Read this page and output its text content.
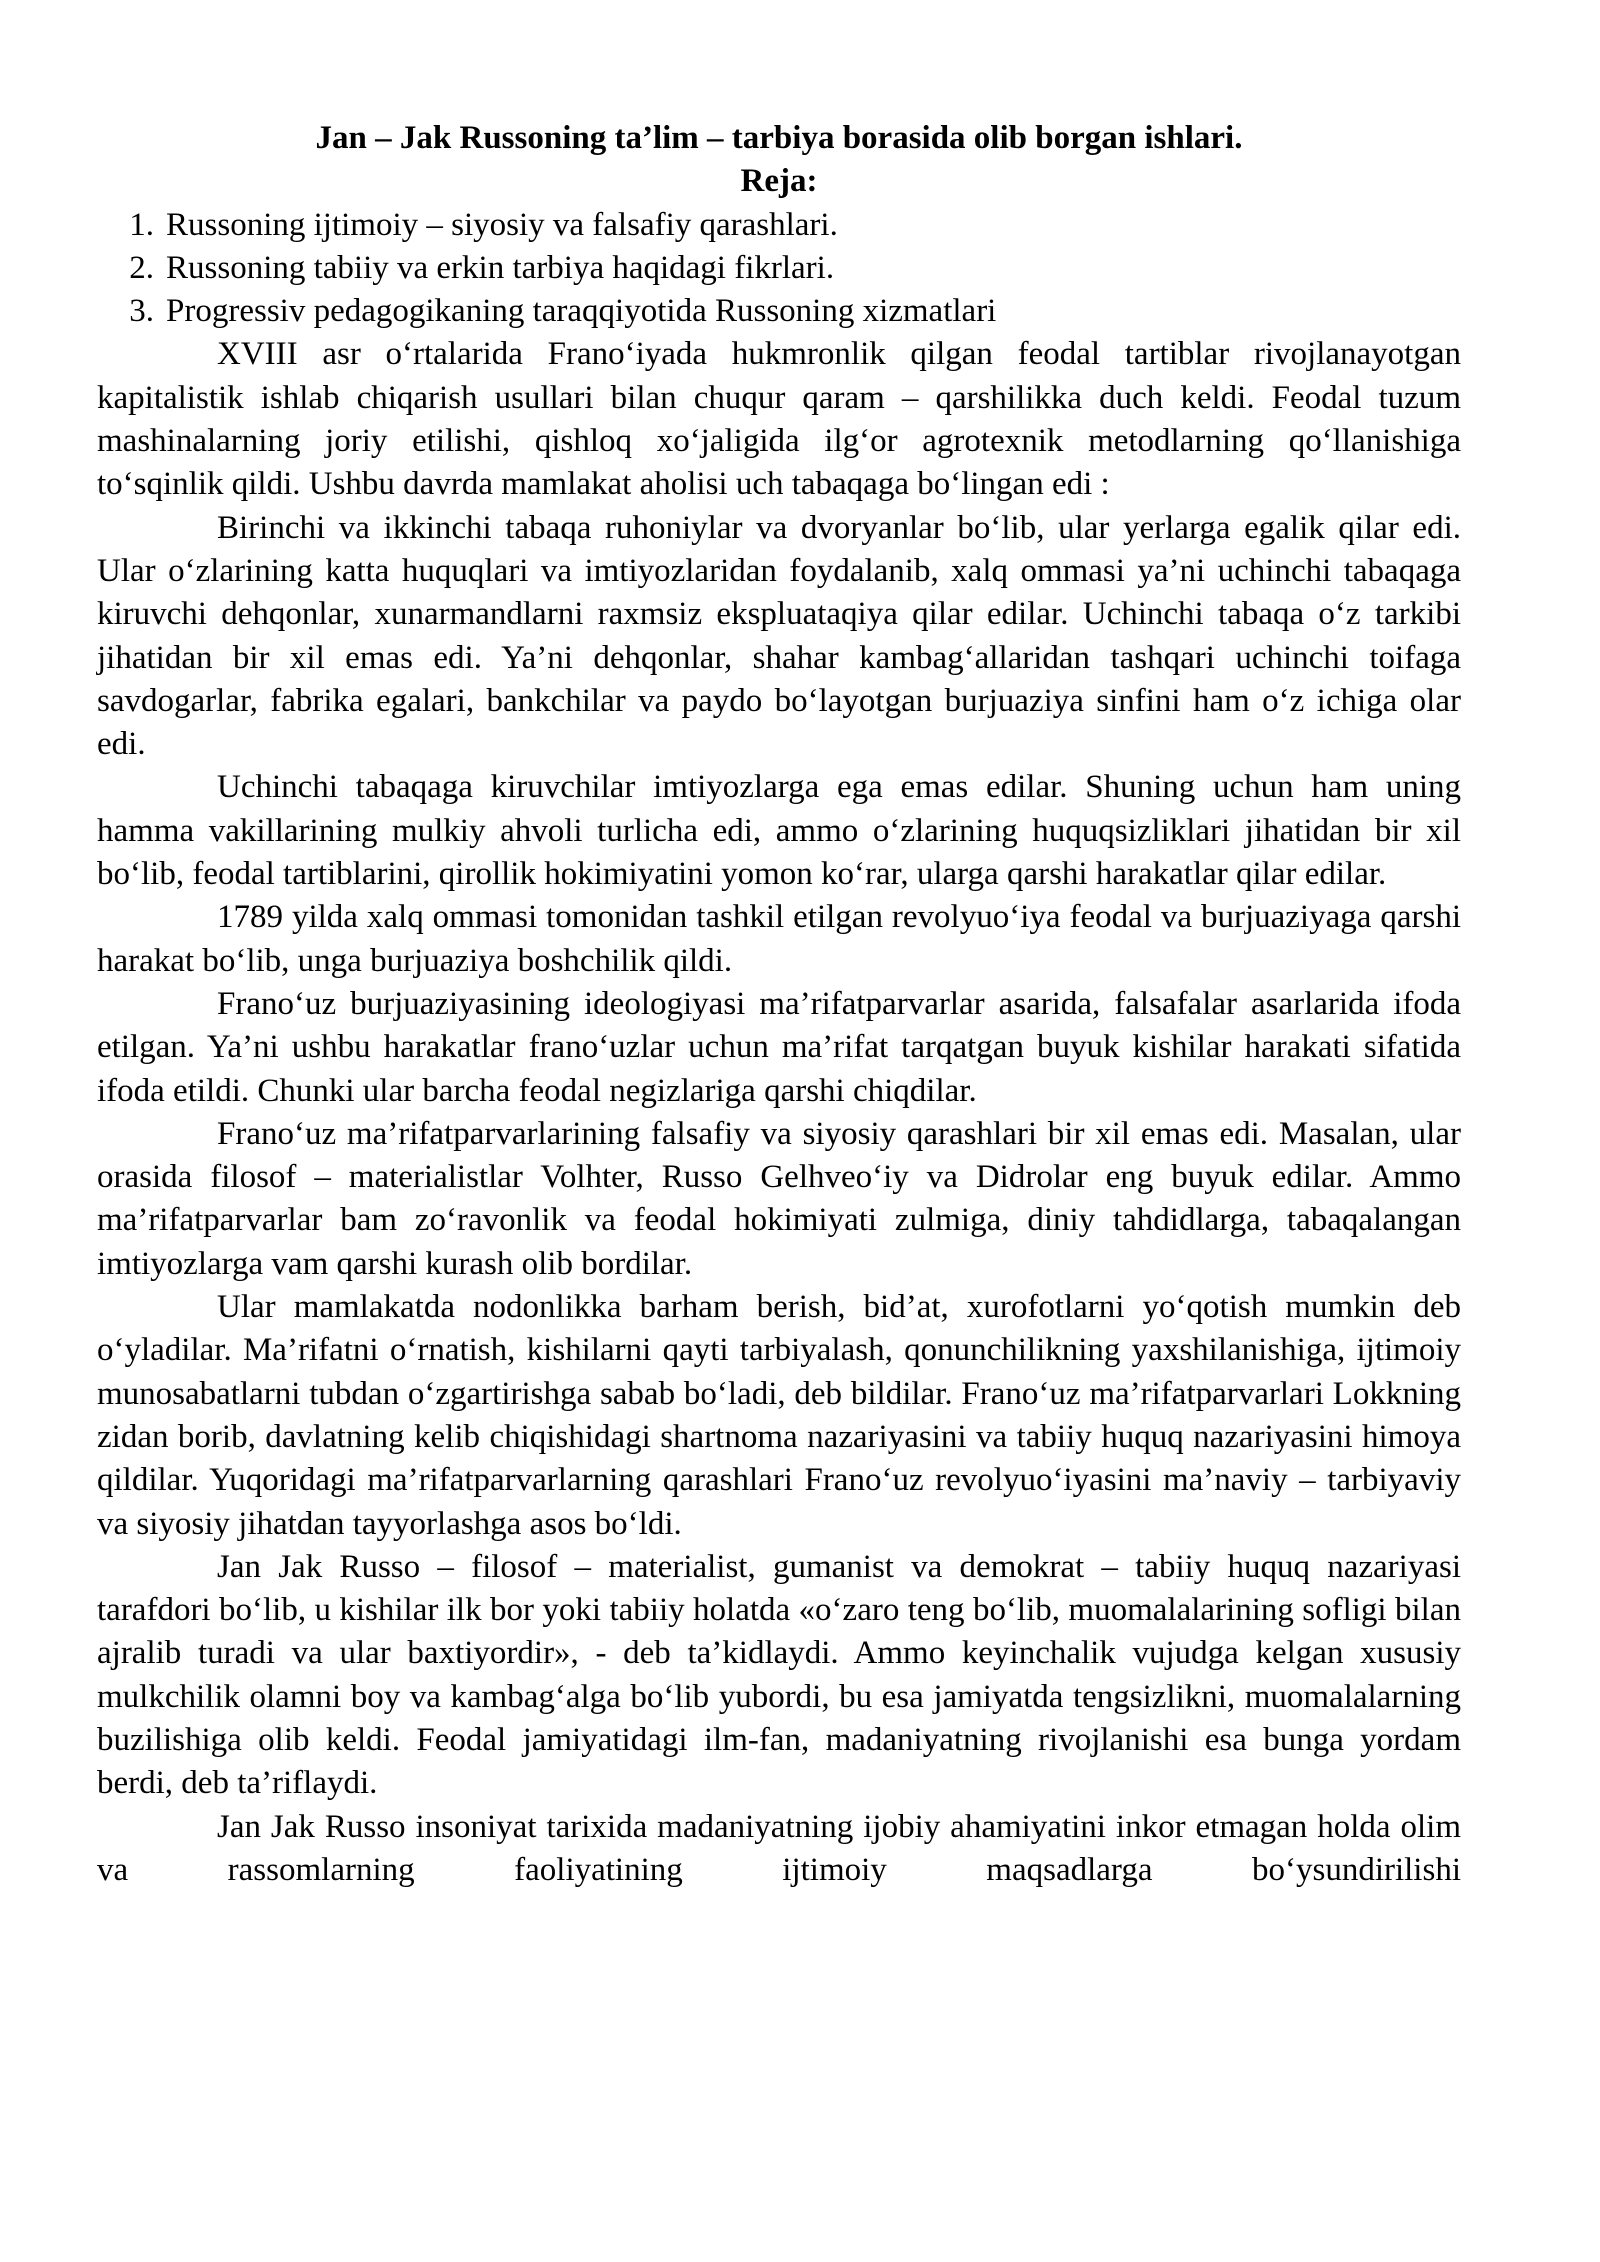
Jan – Jak Russoning ta’lim – tarbiya borasida olib borgan ishlari.

Reja:

1. Russoning ijtimoiy – siyosiy va falsafiy qarashlari.
2. Russoning tabiiy va erkin tarbiya haqidagi fikrlari.
3. Progressiv pedagogikaning taraqqiyotida Russoning xizmatlari

XVIII asr o‘rtalarida Frano‘iyada hukmronlik qilgan feodal tartiblar rivojlanayotgan kapitalistik ishlab chiqarish usullari bilan chuqur qaram – qarshilikka duch keldi. Feodal tuzum mashinalarning joriy etilishi, qishloq xo‘jaligida ilg‘or agrotexnik metodlarning qo‘llanishiga to‘sqinlik qildi. Ushbu davrda mamlakat aholisi uch tabaqaga bo‘lingan edi :

Birinchi va ikkinchi tabaqa ruhoniylar va dvoryanlar bo‘lib, ular yerlarga egalik qilar edi. Ular o‘zlarining katta huquqlari va imtiyozlaridan foydalanib, xalq ommasi ya’ni uchinchi tabaqaga kiruvchi dehqonlar, xunarmandlarni raxmsiz ekspluataqiya qilar edilar. Uchinchi tabaqa o‘z tarkibi jihatidan bir xil emas edi. Ya’ni dehqonlar, shahar kambag‘allaridan tashqari uchinchi toifaga savdogarlar, fabrika egalari, bankchilar va paydo bo‘layotgan burjuaziya sinfini ham o‘z ichiga olar edi.

Uchinchi tabaqaga kiruvchilar imtiyozlarga ega emas edilar. Shuning uchun ham uning hamma vakillarining mulkiy ahvoli turlicha edi, ammo o‘zlarining huquqsizliklari jihatidan bir xil bo‘lib, feodal tartiblarini, qirollik hokimiyatini yomon ko‘rar, ularga qarshi harakatlar qilar edilar.

1789 yilda xalq ommasi tomonidan tashkil etilgan revolyuo‘iya feodal va burjuaziyaga qarshi harakat bo‘lib, unga burjuaziya boshchilik qildi.

Frano‘uz burjuaziyasining ideologiyasi ma’rifatparvarlar asarida, falsafalar asarlarida ifoda etilgan. Ya’ni ushbu harakatlar frano‘uzlar uchun ma’rifat tarqatgan buyuk kishilar harakati sifatida ifoda etildi. Chunki ular barcha feodal negizlariga qarshi chiqdilar.

Frano‘uz ma’rifatparvarlarining falsafiy va siyosiy qarashlari bir xil emas edi. Masalan, ular orasida filosof – materialistlar Volhter, Russo Gelhveo‘iy va Didrolar eng buyuk edilar. Ammo ma’rifatparvarlar bam zo‘ravonlik va feodal hokimiyati zulmiga, diniy tahdidlarga, tabaqalangan imtiyozlarga vam qarshi kurash olib bordilar.

Ular mamlakatda nodonlikka barham berish, bid’at, xurofotlarni yo‘qotish mumkin deb o‘yladilar. Ma’rifatni o‘rnatish, kishilarni qayti tarbiyalash, qonunchilikning yaxshilanishiga, ijtimoiy munosabatlarni tubdan o‘zgartirishga sabab bo‘ladi, deb bildilar. Frano‘uz ma’rifatparvarlari Lokkning zidan borib, davlatning kelib chiqishidagi shartnoma nazariyasini va tabiiy huquq nazariyasini himoya qildilar. Yuqoridagi ma’rifatparvarlarning qarashlari Frano‘uz revolyuo‘iyasini ma’naviy – tarbiyaviy va siyosiy jihatdan tayyorlashga asos bo‘ldi.

Jan Jak Russo – filosof – materialist, gumanist va demokrat – tabiiy huquq nazariyasi tarafdori bo‘lib, u kishilar ilk bor yoki tabiiy holatda «o‘zaro teng bo‘lib, muomalalarining sofligi bilan ajralib turadi va ular baxtiyordir», - deb ta’kidlaydi. Ammo keyinchalik vujudga kelgan xususiy mulkchilik olamni boy va kambag‘alga bo‘lib yubordi, bu esa jamiyatda tengsizlikni, muomalalarning buzilishiga olib keldi. Feodal jamiyatidagi ilm-fan, madaniyatning rivojlanishi esa bunga yordam berdi, deb ta’riflaydi.

Jan Jak Russo insoniyat tarixida madaniyatning ijobiy ahamiyatini inkor etmagan holda olim va rassomlarning faoliyatining ijtimoiy maqsadlarga bo‘ysundirilishi
